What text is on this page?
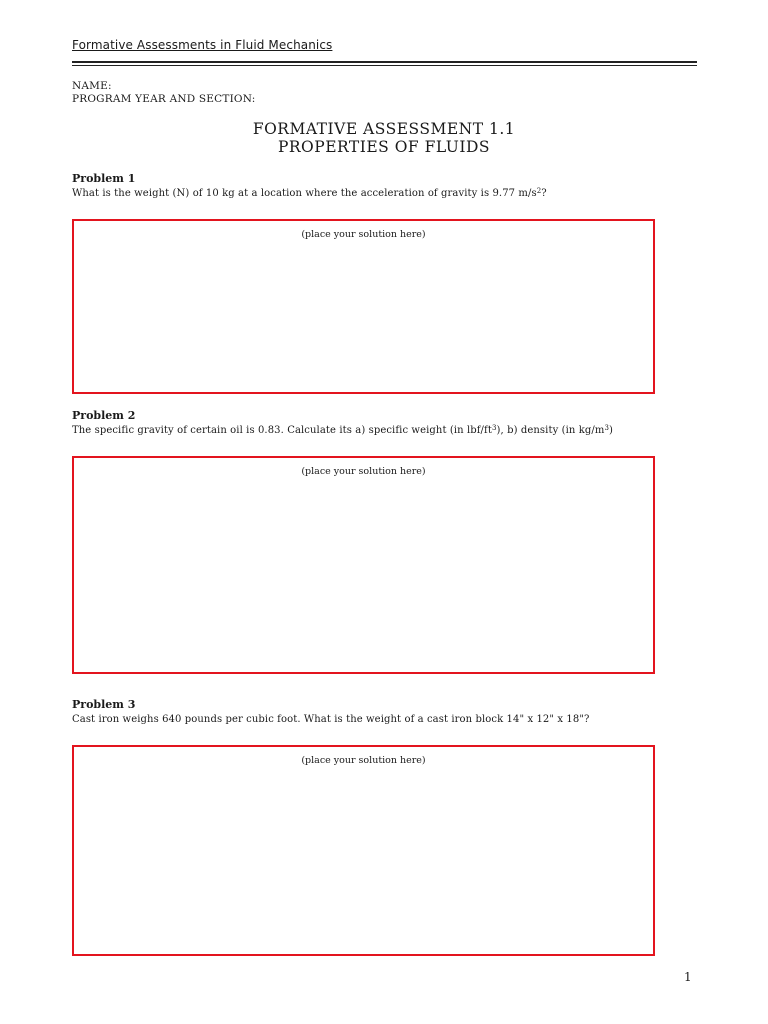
Formative Assessments in Fluid Mechanics
NAME:
PROGRAM YEAR AND SECTION:
FORMATIVE ASSESSMENT 1.1
PROPERTIES OF FLUIDS
Problem 1
What is the weight (N) of 10 kg at a location where the acceleration of gravity is 9.77 $m/s^2$?
(place your solution here)
Problem 2
The specific gravity of certain oil is 0.83. Calculate its a) specific weight (in lbf/$ft^3$), b) density (in $kg/m^3$)
(place your solution here)
Problem 3
Cast iron weighs 640 pounds per cubic foot. What is the weight of a cast iron block 14" x 12" x 18"?
(place your solution here)
1
